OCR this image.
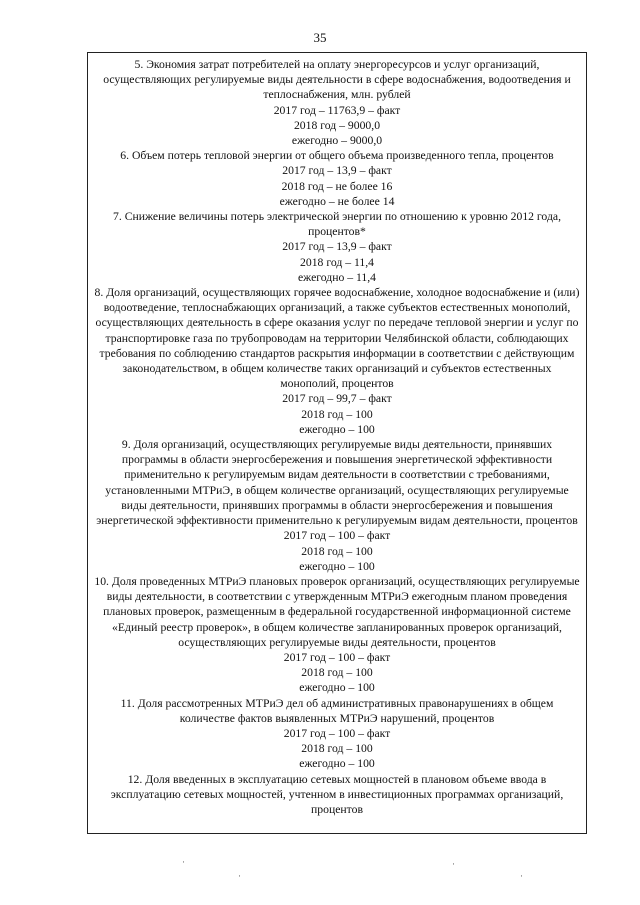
35

5. Экономия затрат потребителей на оплату энергоресурсов и услуг организаций, осуществляющих регулируемые виды деятельности в сфере водоснабжения, водоотведения и теплоснабжения, млн. рублей

2017 год – 11763,9 – факт

2018 год – 9000,0

ежегодно – 9000,0

6. Объем потерь тепловой энергии от общего объема произведенного тепла, процентов

2017 год – 13,9 – факт

2018 год – не более 16

ежегодно – не более 14

7. Снижение величины потерь электрической энергии по отношению к уровню 2012 года, процентов*

2017 год – 13,9 – факт

2018 год – 11,4

ежегодно – 11,4

8. Доля организаций, осуществляющих горячее водоснабжение, холодное водоснабжение и (или) водоотведение, теплоснабжающих организаций, а также субъектов естественных монополий, осуществляющих деятельность в сфере оказания услуг по передаче тепловой энергии и услуг по транспортировке газа по трубопроводам на территории Челябинской области, соблюдающих требования по соблюдению стандартов раскрытия информации в соответствии с действующим законодательством, в общем количестве таких организаций и субъектов естественных монополий, процентов

2017 год – 99,7 – факт

2018 год – 100

ежегодно – 100

9. Доля организаций, осуществляющих регулируемые виды деятельности, принявших программы в области энергосбережения и повышения энергетической эффективности применительно к регулируемым видам деятельности в соответствии с требованиями, установленными МТРиЭ, в общем количестве организаций, осуществляющих регулируемые виды деятельности, принявших программы в области энергосбережения и повышения энергетической эффективности применительно к регулируемым видам деятельности, процентов

2017 год – 100 – факт

2018 год – 100

ежегодно – 100

10. Доля проведенных МТРиЭ плановых проверок организаций, осуществляющих регулируемые виды деятельности, в соответствии с утвержденным МТРиЭ ежегодным планом проведения плановых проверок, размещенным в федеральной государственной информационной системе «Единый реестр проверок», в общем количестве запланированных проверок организаций, осуществляющих регулируемые виды деятельности, процентов

2017 год – 100 – факт

2018 год – 100

ежегодно – 100

11. Доля рассмотренных МТРиЭ дел об административных правонарушениях в общем количестве фактов выявленных МТРиЭ нарушений, процентов

2017 год – 100 – факт

2018 год – 100

ежегодно – 100

12. Доля введенных в эксплуатацию сетевых мощностей в плановом объеме ввода в эксплуатацию сетевых мощностей, учтенном в инвестиционных программах организаций, процентов

·	·
·	·
